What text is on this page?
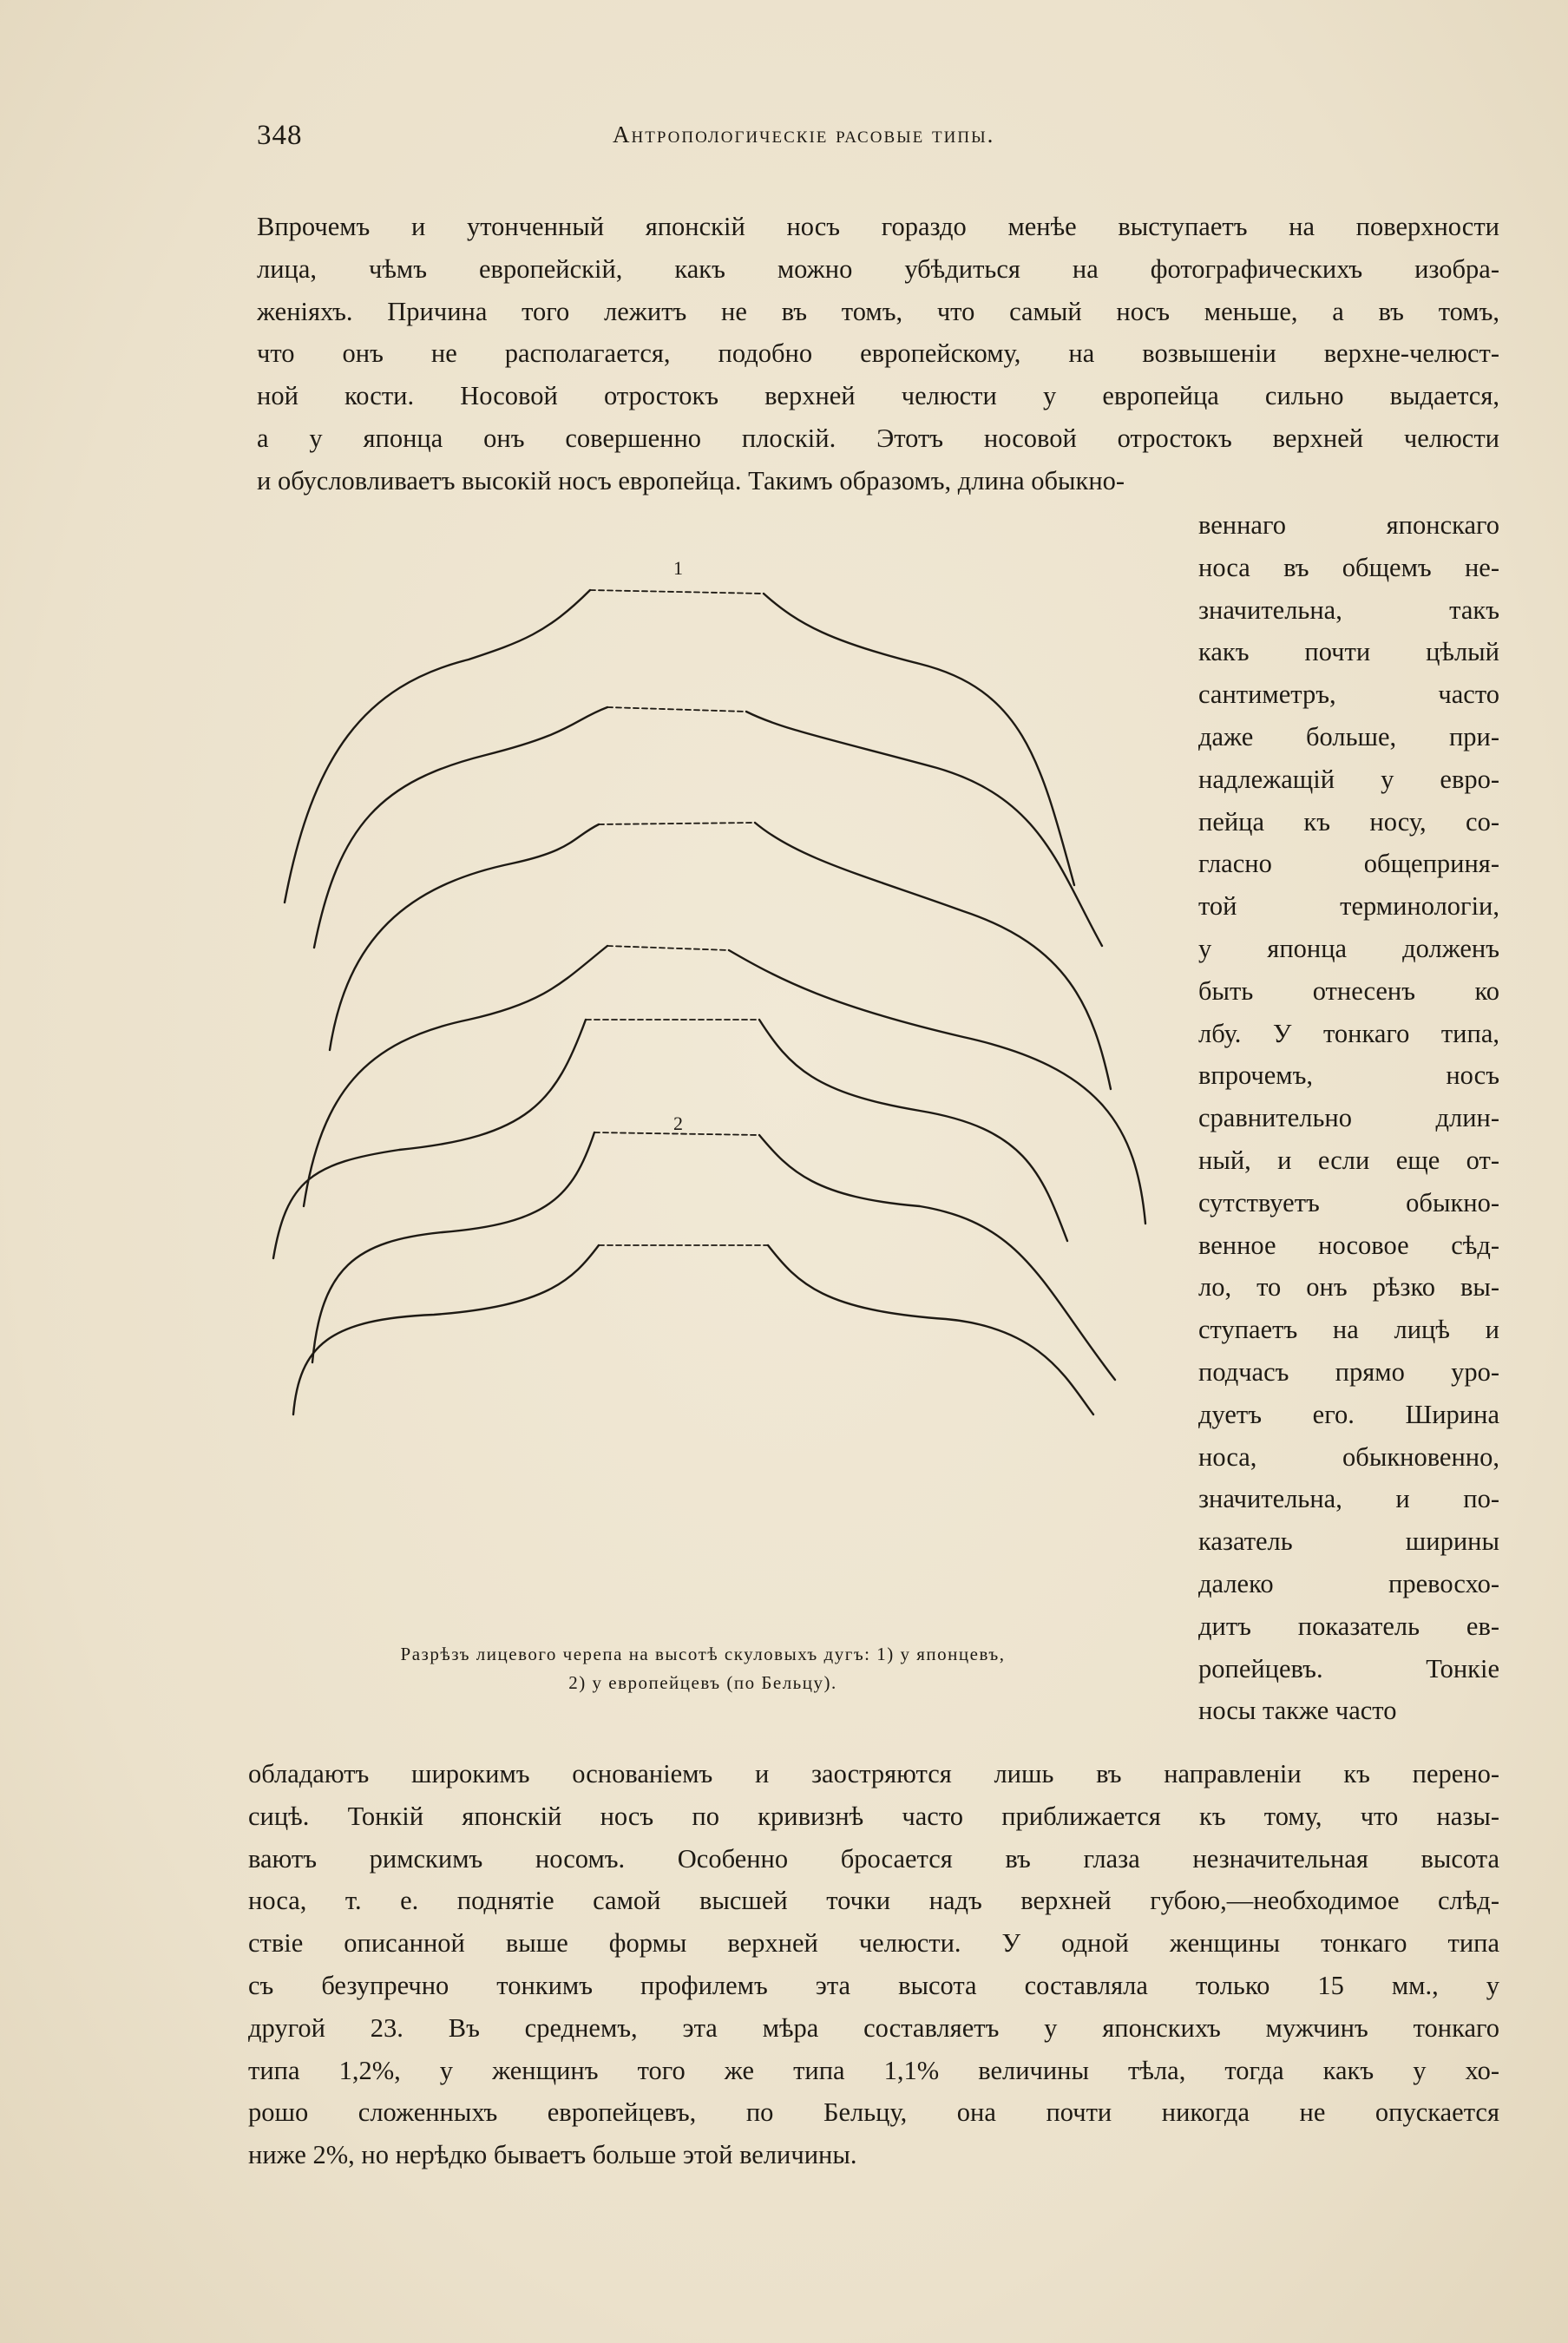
348	Антропологическіе расовые типы.
Впрочемъ и утонченный японскій носъ гораздо менѣе выступаетъ на поверхности
лица, чѣмъ европейскій, какъ можно убѣдиться на фотографическихъ изобра-
женіяхъ. Причина того лежитъ не въ томъ, что самый носъ меньше, а въ томъ,
что онъ не располагается, подобно европейскому, на возвышеніи верхне-челюст-
ной кости. Носовой отростокъ верхней челюсти у европейца сильно выдается,
а у японца онъ совершенно плоскій. Этотъ носовой отростокъ верхней челюсти
и обусловливаетъ высокій носъ европейца. Такимъ образомъ, длина обыкно-
1
2
Разрѣзъ лицевого черепа на высотѣ скуловыхъ дугъ: 1) у японцевъ,
2) у европейцевъ (по Бельцу).
веннаго японскаго
носа въ общемъ не-
значительна, такъ
какъ почти цѣлый
сантиметръ, часто
даже больше, при-
надлежащій у евро-
пейца къ носу, со-
гласно общеприня-
той терминологіи,
у японца долженъ
быть отнесенъ ко
лбу. У тонкаго типа,
впрочемъ, носъ
сравнительно длин-
ный, и если еще от-
сутствуетъ обыкно-
венное носовое сѣд-
ло, то онъ рѣзко вы-
ступаетъ на лицѣ и
подчасъ прямо уро-
дуетъ его. Ширина
носа, обыкновенно,
значительна, и по-
казатель ширины
далеко превосхо-
дитъ показатель ев-
ропейцевъ. Тонкіе
носы также часто
обладаютъ широкимъ основаніемъ и заостряются лишь въ направленіи къ перено-
сицѣ. Тонкій японскій носъ по кривизнѣ часто приближается къ тому, что назы-
ваютъ римскимъ носомъ. Особенно бросается въ глаза незначительная высота
носа, т. е. поднятіе самой высшей точки надъ верхней губою,—необходимое слѣд-
ствіе описанной выше формы верхней челюсти. У одной женщины тонкаго типа
съ безупречно тонкимъ профилемъ эта высота составляла только 15 мм., у
другой 23. Въ среднемъ, эта мѣра составляетъ у японскихъ мужчинъ тонкаго
типа 1,2%, у женщинъ того же типа 1,1% величины тѣла, тогда какъ у хо-
рошо сложенныхъ европейцевъ, по Бельцу, она почти никогда не опускается
ниже 2%, но нерѣдко бываетъ больше этой величины.
